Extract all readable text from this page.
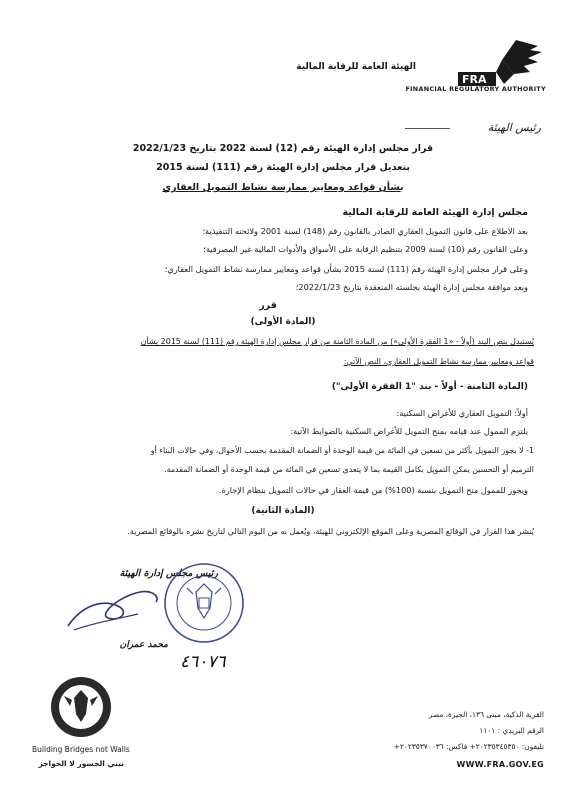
FRA
الهيئة العامة للرقابة المالية
FINANCIAL REGULATORY AUTHORITY
رئيس الهيئة
قرار مجلس إدارة الهيئة رقم (12) لسنة 2022 بتاريخ 2022/1/23
بتعديل قرار مجلس إدارة الهيئة رقم (111) لسنة 2015
بشأن قواعد ومعايير ممارسة نشاط التمويل العقاري
مجلس إدارة الهيئة العامة للرقابة المالية
بعد الاطلاع على قانون التمويل العقاري الصادر بالقانون رقم (148) لسنة 2001 ولائحته التنفيذية؛
وعلى القانون رقم (10) لسنة 2009 بتنظيم الرقابة على الأسواق والأدوات المالية غير المصرفية؛
وعلى قرار مجلس إدارة الهيئة رقم (111) لسنة 2015 بشأن قواعد ومعايير ممارسة نشاط التمويل العقاري؛
وبعد موافقة مجلس إدارة الهيئة بجلسته المنعقدة بتاريخ 2022/1/23؛
قرر
(المادة الأولى)
يُستبدل بنص البند (أولاً - «1 الفقرة الأولى») من المادة الثامنة من قرار مجلس إدارة الهيئة رقم (111) لسنة 2015 بشأن
قواعد ومعايير ممارسة نشاط التمويل العقاري، النص الآتي:
(المادة الثامنة - أولاً - بند "1 الفقرة الأولى")
أولاً: التمويل العقاري للأغراض السكنية:
يلتزم الممول عند قيامه بمنح التمويل للأغراض السكنية بالضوابط الآتية:
1- لا يجوز التمويل بأكثر من تسعين في المائة من قيمة الوحدة أو الضمانة المقدمة بحسب الأحوال، وفي حالات البناء أو
الترميم أو التحسين يمكن التمويل بكامل القيمة بما لا يتعدى تسعين في المائة من قيمة الوحدة أو الضمانة المقدمة.
ويجوز للممول منح التمويل بنسبة (100%) من قيمة العقار في حالات التمويل بنظام الإجارة.
(المادة الثانية)
يُنشر هذا القرار في الوقائع المصرية وعلى الموقع الإلكتروني للهيئة، ويُعمل به من اليوم التالي لتاريخ نشره بالوقائع المصرية.
رئيس مجلس إدارة الهيئة
محمد عمران
٤٦٠٧٦
Building Bridges not Walls
نبني الجسور لا الحواجز
القرية الذكية، مبنى ١٣٦، الجيزة، مصر
الرقم البريدي : ١١٠١
تليفون: ٢٠٢٣٥٣٤٥٣٥٠+ فاكس: ٢٠٢٣٥٣٧٠٠٣٦+
WWW.FRA.GOV.EG
